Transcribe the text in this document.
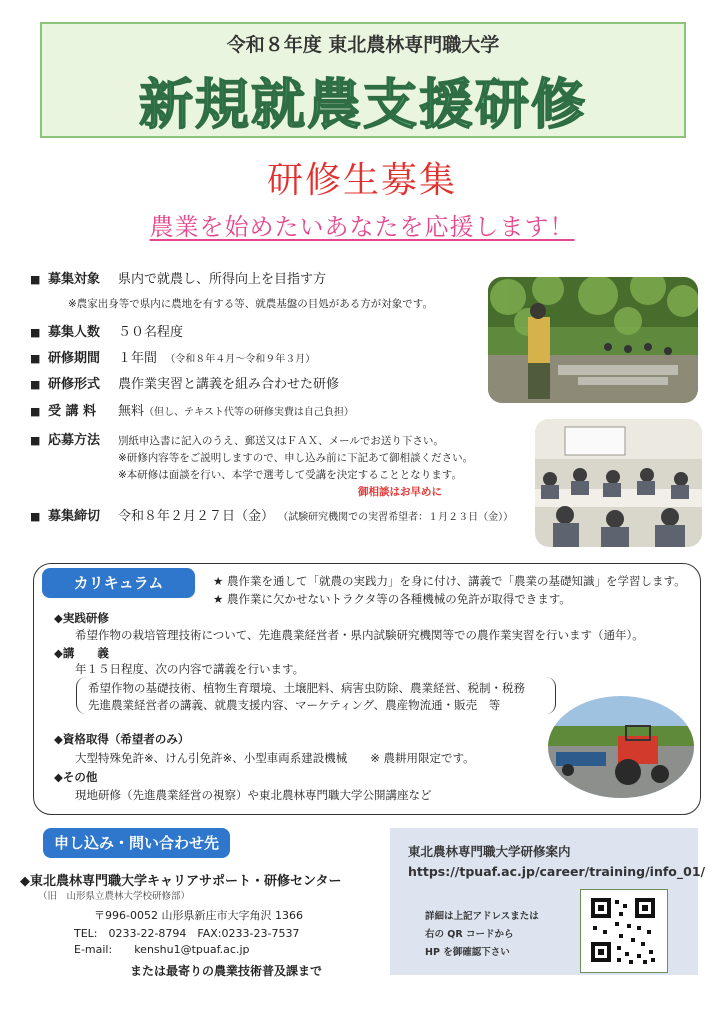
令和８年度 東北農林専門職大学
新規就農支援研修
研修生募集
農業を始めたいあなたを応援します！
■ 募集対象 県内で就農し、所得向上を目指す方
※農家出身等で県内に農地を有する等、就農基盤の目処がある方が対象です。
■ 募集人数 ５０名程度
■ 研修期間 １年間 （令和８年４月～令和９年３月）
■ 研修形式 農作業実習と講義を組み合わせた研修
■ 受 講 料 無料（但し、テキスト代等の研修実費は自己負担）
■ 応募方法	別紙申込書に記入のうえ、郵送又はＦＡＸ、メールでお送り下さい。
※研修内容等をご説明しますので、申し込み前に下記あて御相談ください。
※本研修は面談を行い、本学で選考して受講を決定することとなります。
御相談はお早めに
■ 募集締切 令和８年２月２７日（金） （試験研究機関での実習希望者：１月２３日（金））
カリキュラム	★ 農作業を通して「就農の実践力」を身に付け、講義で「農業の基礎知識」を学習します。
★ 農作業に欠かせないトラクタ等の各種機械の免許が取得できます。
◆実践研修
希望作物の栽培管理技術について、先進農業経営者・県内試験研究機関等での農作業実習を行います（通年）。
◆講　　義
年１５日程度、次の内容で講義を行います。
希望作物の基礎技術、植物生育環境、土壌肥料、病害虫防除、農業経営、税制・税務
先進農業経営者の講義、就農支援内容、マーケティング、農産物流通・販売　等
◆資格取得（希望者のみ）
大型特殊免許※、けん引免許※、小型車両系建設機械　　※ 農耕用限定です。
◆その他
現地研修（先進農業経営の視察）や東北農林専門職大学公開講座など
申し込み・問い合わせ先
◆東北農林専門職大学キャリアサポート・研修センター
（旧　山形県立農林大学校研修部）
〒996-0052 山形県新庄市大字角沢 1366
TEL:　0233-22-8794　FAX:0233-23-7537
E-mail: kenshu1@tpuaf.ac.jp
または最寄りの農業技術普及課まで
東北農林専門職大学研修案内
https://tpuaf.ac.jp/career/training/info_01/
詳細は上記アドレスまたは
右の QR コードから
HP を御確認下さい
